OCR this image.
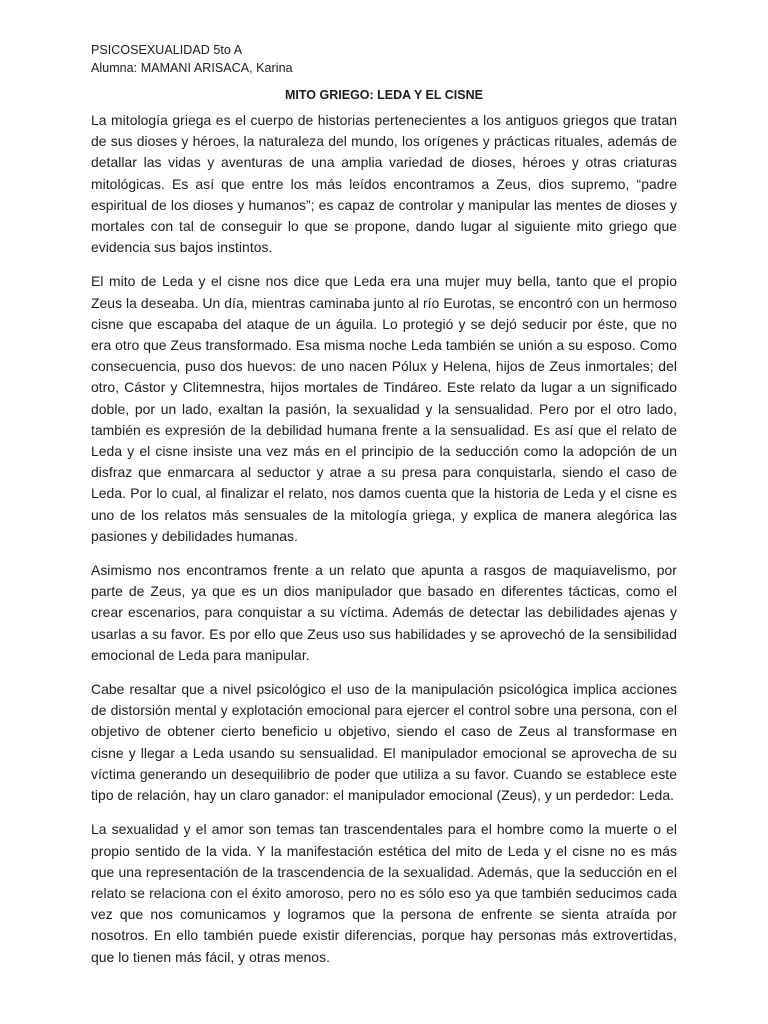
PSICOSEXUALIDAD 5to A

Alumna: MAMANI ARISACA, Karina

MITO GRIEGO: LEDA Y EL CISNE

La mitología griega es el cuerpo de historias pertenecientes a los antiguos griegos que tratan de sus dioses y héroes, la naturaleza del mundo, los orígenes y prácticas rituales, además de detallar las vidas y aventuras de una amplia variedad de dioses, héroes y otras criaturas mitológicas. Es así que entre los más leídos encontramos a Zeus, dios supremo, “padre espiritual de los dioses y humanos”; es capaz de controlar y manipular las mentes de dioses y mortales con tal de conseguir lo que se propone, dando lugar al siguiente mito griego que evidencia sus bajos instintos.

El mito de Leda y el cisne nos dice que Leda era una mujer muy bella, tanto que el propio Zeus la deseaba. Un día, mientras caminaba junto al río Eurotas, se encontró con un hermoso cisne que escapaba del ataque de un águila. Lo protegió y se dejó seducir por éste, que no era otro que Zeus transformado. Esa misma noche Leda también se unión a su esposo. Como consecuencia, puso dos huevos: de uno nacen Pólux y Helena, hijos de Zeus inmortales; del otro, Cástor y Clitemnestra, hijos mortales de Tindáreo. Este relato da lugar a un significado doble, por un lado, exaltan la pasión, la sexualidad y la sensualidad. Pero por el otro lado, también es expresión de la debilidad humana frente a la sensualidad. Es así que el relato de Leda y el cisne insiste una vez más en el principio de la seducción como la adopción de un disfraz que enmarcara al seductor y atrae a su presa para conquistarla, siendo el caso de Leda. Por lo cual, al finalizar el relato, nos damos cuenta que la historia de Leda y el cisne es uno de los relatos más sensuales de la mitología griega, y explica de manera alegórica las pasiones y debilidades humanas.

Asimismo nos encontramos frente a un relato que apunta a rasgos de maquiavelismo, por parte de Zeus, ya que es un dios manipulador que basado en diferentes tácticas, como el crear escenarios, para conquistar a su víctima. Además de detectar las debilidades ajenas y usarlas a su favor. Es por ello que Zeus uso sus habilidades y se aprovechó de la sensibilidad emocional de Leda para manipular.

Cabe resaltar que a nivel psicológico el uso de la manipulación psicológica implica acciones de distorsión mental y explotación emocional para ejercer el control sobre una persona, con el objetivo de obtener cierto beneficio u objetivo, siendo el caso de Zeus al transformase en cisne y llegar a Leda usando su sensualidad. El manipulador emocional se aprovecha de su víctima generando un desequilibrio de poder que utiliza a su favor. Cuando se establece este tipo de relación, hay un claro ganador: el manipulador emocional (Zeus), y un perdedor: Leda.

La sexualidad y el amor son temas tan trascendentales para el hombre como la muerte o el propio sentido de la vida. Y la manifestación estética del mito de Leda y el cisne no es más que una representación de la trascendencia de la sexualidad. Además, que la seducción en el relato se relaciona con el éxito amoroso, pero no es sólo eso ya que también seducimos cada vez que nos comunicamos y logramos que la persona de enfrente se sienta atraída por nosotros. En ello también puede existir diferencias, porque hay personas más extrovertidas, que lo tienen más fácil, y otras menos.
